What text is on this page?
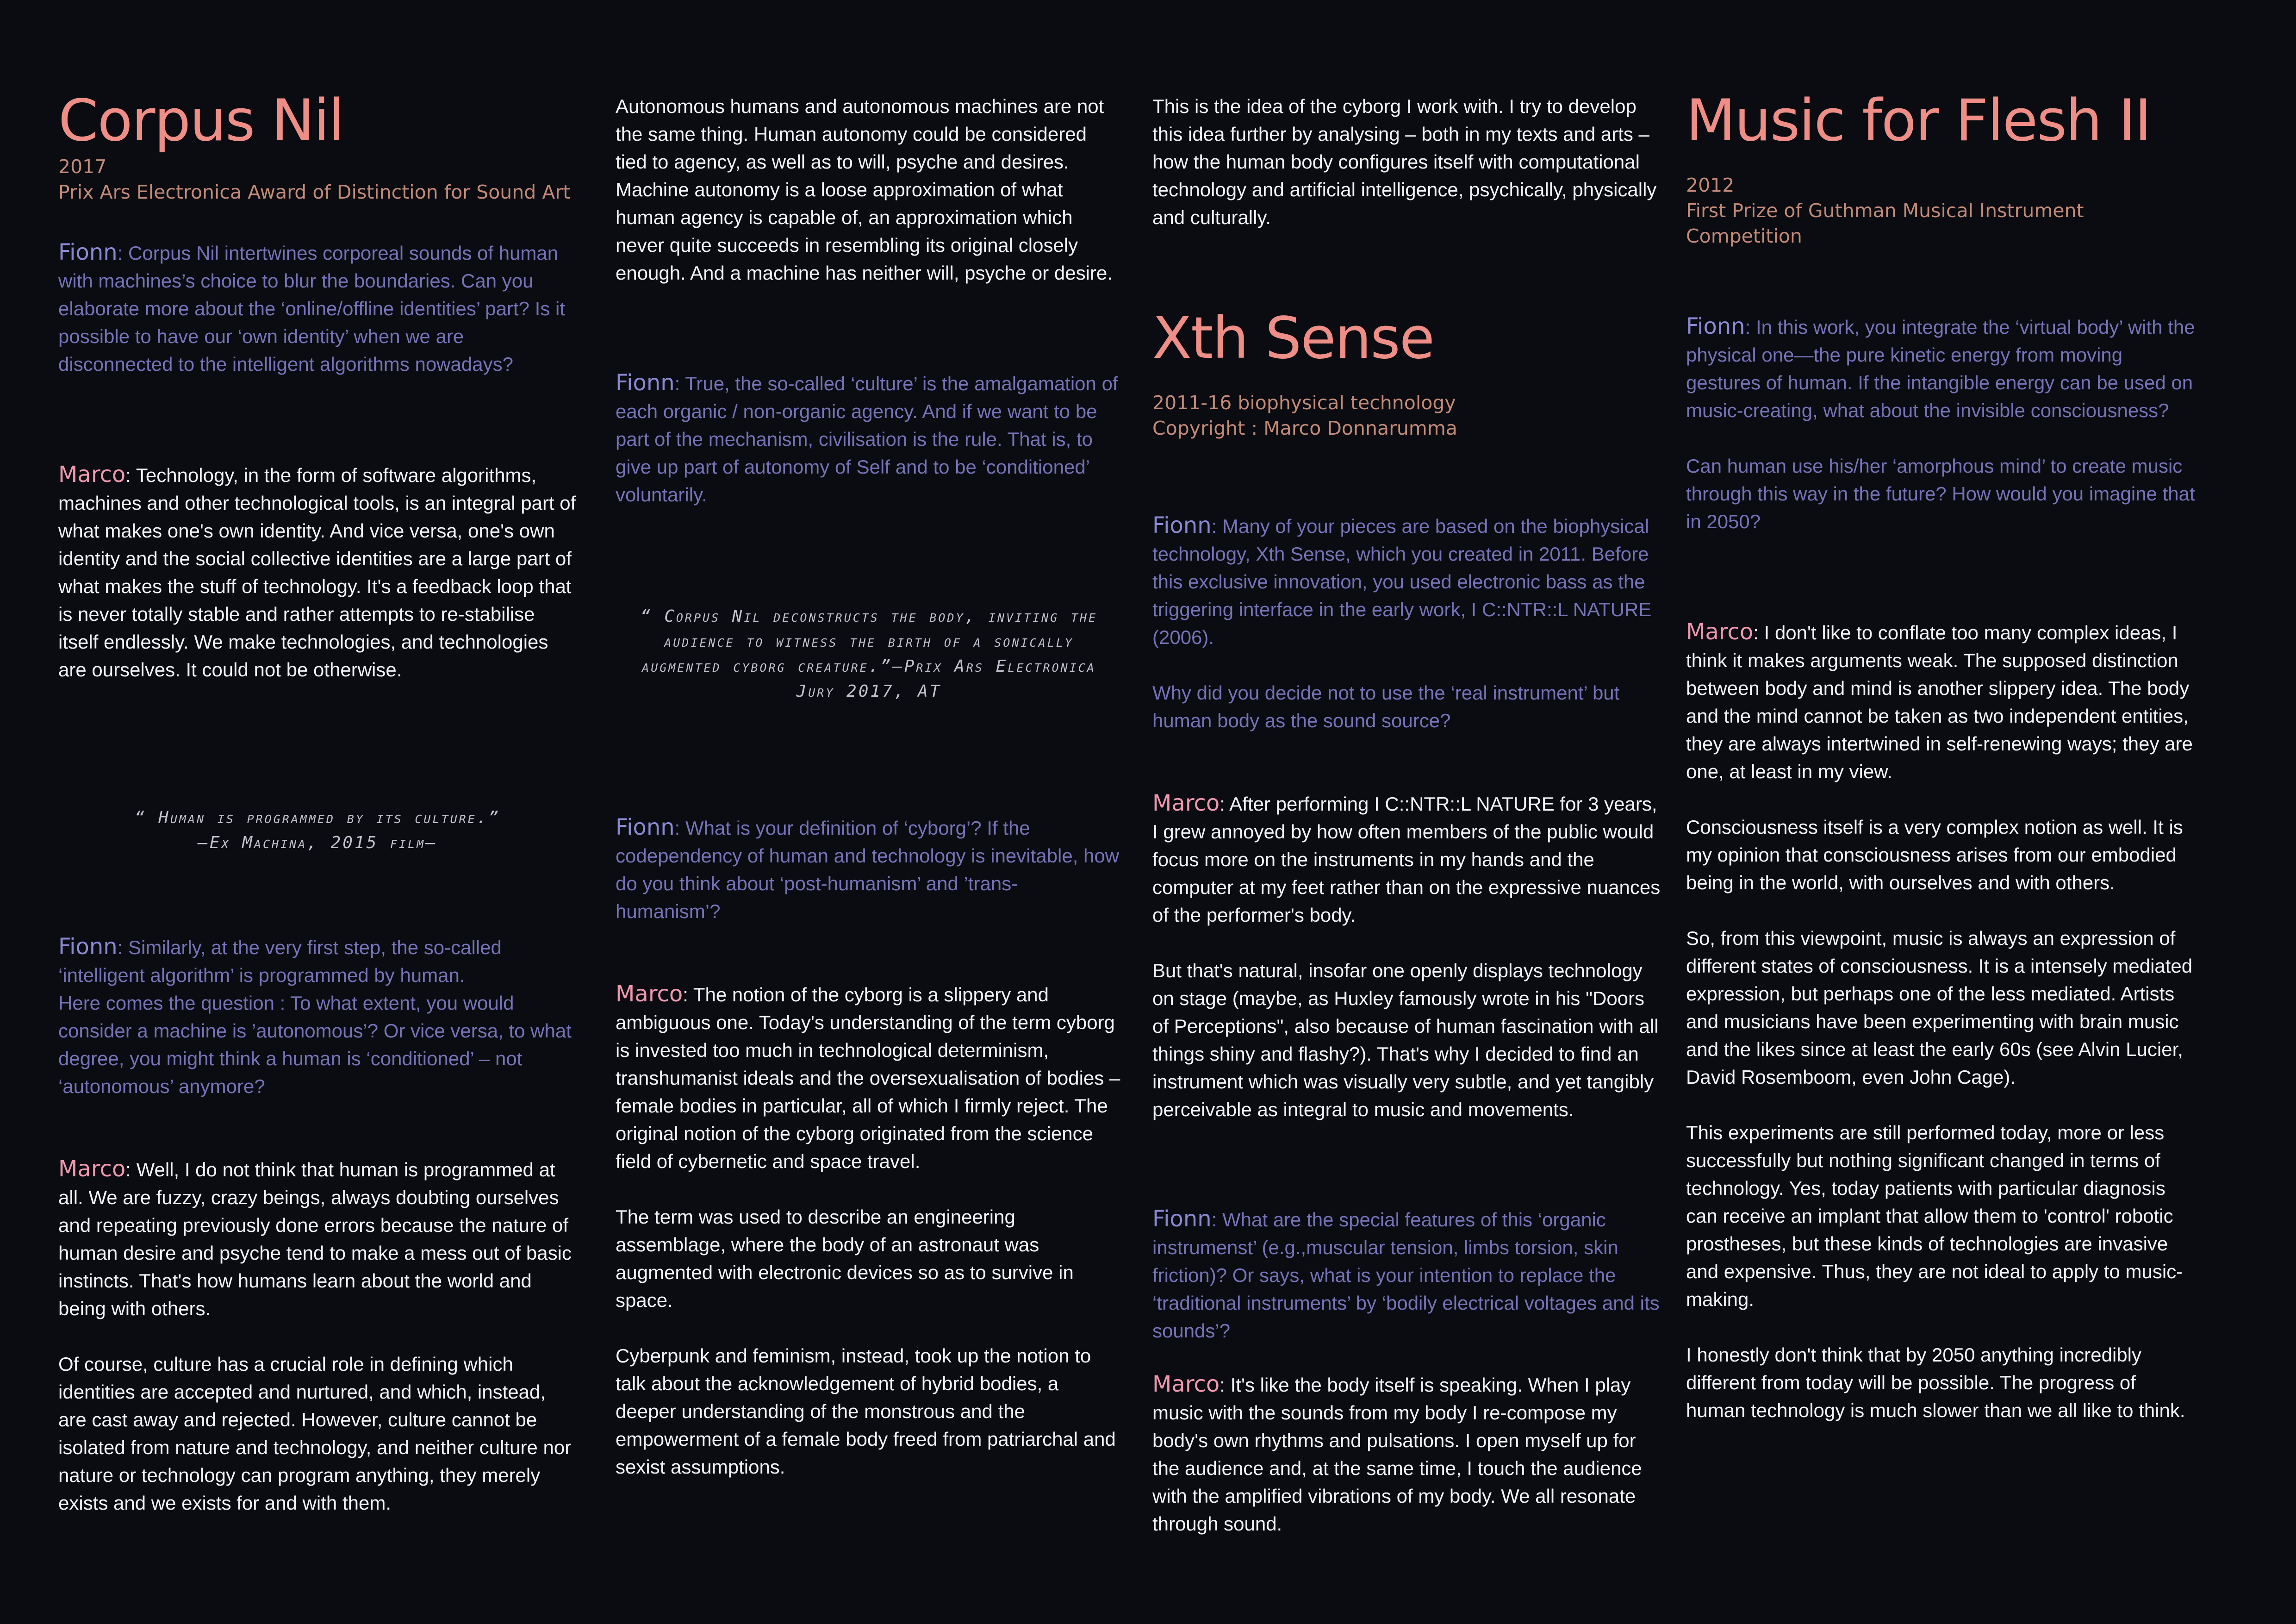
Corpus Nil
2017
Prix Ars Electronica Award of Distinction for Sound Art
Fionn: Corpus Nil intertwines corporeal sounds of human with machines’s choice to blur the boundaries. Can you elaborate more about the ‘online/offline identities’ part? Is it possible to have our ‘own identity’ when we are disconnected to the intelligent algorithms nowadays?
Marco: Technology, in the form of software algorithms, machines and other technological tools, is an integral part of what makes one's own identity. And vice versa, one's own identity and the social collective identities are a large part of what makes the stuff of technology. It's a feedback loop that is never totally stable and rather attempts to re-stabilise itself endlessly. We make technologies, and technologies are ourselves. It could not be otherwise.
“ Human is programmed by its culture.”
—Ex Machina, 2015 film—
Fionn: Similarly, at the very first step, the so-called ‘intelligent algorithm’ is programmed by human.
Here comes the question : To what extent, you would consider a machine is ’autonomous’? Or vice versa, to what degree, you might think a human is ‘conditioned’ – not ‘autonomous’ anymore?

Marco: Well, I do not think that human is programmed at all. We are fuzzy, crazy beings, always doubting ourselves and repeating previously done errors because the nature of human desire and psyche tend to make a mess out of basic instincts. That's how humans learn about the world and being with others.

Of course, culture has a crucial role in defining which identities are accepted and nurtured, and which, instead, are cast away and rejected. However, culture cannot be isolated from nature and technology, and neither culture nor nature or technology can program anything, they merely exists and we exists for and with them.

Autonomous humans and autonomous machines are not the same thing. Human autonomy could be considered tied to agency, as well as to will, psyche and desires. Machine autonomy is a loose approximation of what human agency is capable of, an approximation which never quite succeeds in resembling its original closely enough. And a machine has neither will, psyche or desire.
Fionn: True, the so-called ‘culture’ is the amalgamation of each organic / non-organic agency. And if we want to be part of the mechanism, civilisation is the rule. That is, to give up part of autonomy of Self and to be ‘conditioned’ voluntarily.
“ Corpus Nil deconstructs the body, inviting the audience to witness the birth of a sonically augmented cyborg creature.”—Prix Ars Electronica Jury 2017, AT
Fionn: What is your definition of ‘cyborg’? If the codependency of human and technology is inevitable, how do you think about ‘post-humanism’ and ’trans-humanism’?

Marco: The notion of the cyborg is a slippery and ambiguous one. Today's understanding of the term cyborg is invested too much in technological determinism, transhumanist ideals and the oversexualisation of bodies – female bodies in particular, all of which I firmly reject. The original notion of the cyborg originated from the science field of cybernetic and space travel.

The term was used to describe an engineering assemblage, where the body of an astronaut was augmented with electronic devices so as to survive in space.

Cyberpunk and feminism, instead, took up the notion to talk about the acknowledgement of hybrid bodies, a deeper understanding of the monstrous and the empowerment of a female body freed from patriarchal and sexist assumptions.

This is the idea of the cyborg I work with. I try to develop this idea further by analysing – both in my texts and arts – how the human body configures itself with computational technology and artificial intelligence, psychically, physically and culturally.
Xth Sense
2011-16 biophysical technology
Copyright : Marco Donnarumma

Fionn: Many of your pieces are based on the biophysical technology, Xth Sense, which you created in 2011. Before this exclusive innovation, you used electronic bass as the triggering interface in the early work, I C::NTR::L NATURE (2006).

Why did you decide not to use the ‘real instrument’ but human body as the sound source?

Marco: After performing I C::NTR::L NATURE for 3 years, I grew annoyed by how often members of the public would focus more on the instruments in my hands and the computer at my feet rather than on the expressive nuances of the performer's body.

But that's natural, insofar one openly displays technology on stage (maybe, as Huxley famously wrote in his "Doors of Perceptions", also because of human fascination with all things shiny and flashy?). That's why I decided to find an instrument which was visually very subtle, and yet tangibly perceivable as integral to music and movements.

Fionn: What are the special features of this ‘organic instrumenst’ (e.g.,muscular tension, limbs torsion, skin friction)? Or says, what is your intention to replace the ‘traditional instruments’ by ‘bodily electrical voltages and its sounds’?
Marco: It's like the body itself is speaking. When I play music with the sounds from my body I re-compose my body's own rhythms and pulsations. I open myself up for the audience and, at the same time, I touch the audience with the amplified vibrations of my body. We all resonate through sound.
Music for Flesh II
2012
First Prize of Guthman Musical Instrument Competition

Fionn: In this work, you integrate the ‘virtual body’ with the physical one—the pure kinetic energy from moving gestures of human. If the intangible energy can be used on music-creating, what about the invisible consciousness?

Can human use his/her ‘amorphous mind’ to create music through this way in the future? How would you imagine that in 2050?

Marco: I don't like to conflate too many complex ideas, I think it makes arguments weak. The supposed distinction between body and mind is another slippery idea. The body and the mind cannot be taken as two independent entities, they are always intertwined in self-renewing ways; they are one, at least in my view.

Consciousness itself is a very complex notion as well. It is my opinion that consciousness arises from our embodied being in the world, with ourselves and with others.

So, from this viewpoint, music is always an expression of different states of consciousness. It is a intensely mediated expression, but perhaps one of the less mediated. Artists and musicians have been experimenting with brain music and the likes since at least the early 60s (see Alvin Lucier, David Rosemboom, even John Cage).

This experiments are still performed today, more or less successfully but nothing significant changed in terms of technology. Yes, today patients with particular diagnosis can receive an implant that allow them to 'control' robotic prostheses, but these kinds of technologies are invasive and expensive. Thus, they are not ideal to apply to music-making.

I honestly don't think that by 2050 anything incredibly different from today will be possible. The progress of human technology is much slower than we all like to think.
